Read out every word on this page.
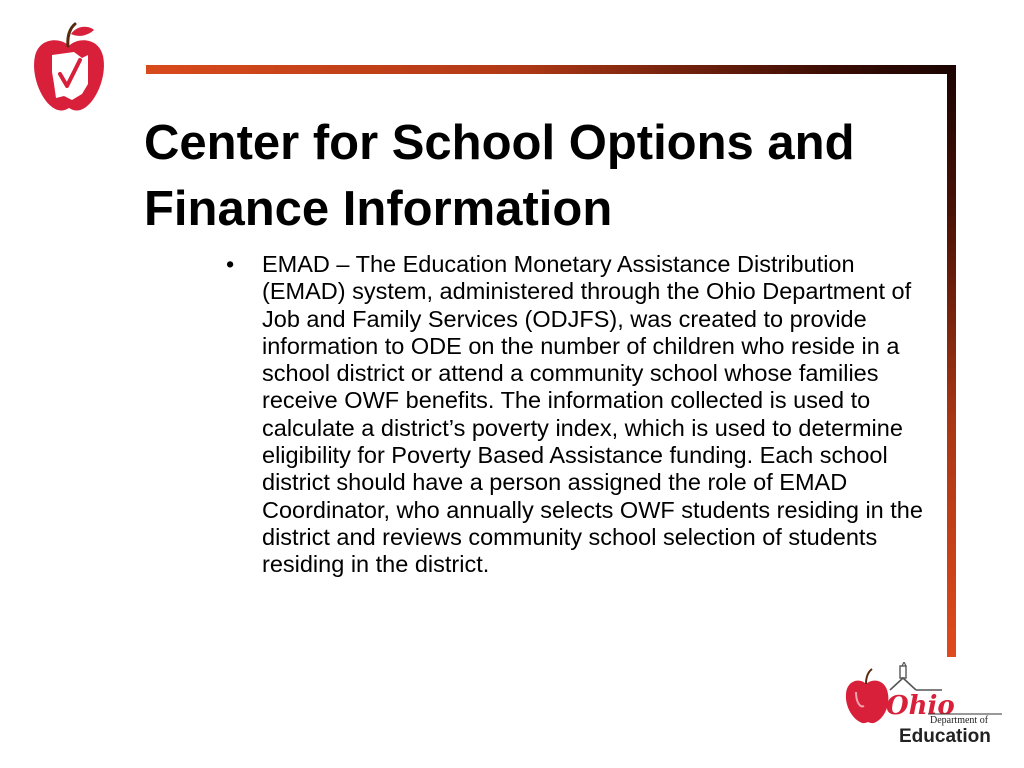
Center for School Options and Finance Information
• EMAD – The Education Monetary Assistance Distribution (EMAD) system, administered through the Ohio Department of Job and Family Services (ODJFS), was created to provide information to ODE on the number of children who reside in a school district or attend a community school whose families receive OWF benefits. The information collected is used to calculate a district’s poverty index, which is used to determine eligibility for Poverty Based Assistance funding. Each school district should have a person assigned the role of EMAD Coordinator, who annually selects OWF students residing in the district and reviews community school selection of students residing in the district.
Ohio
Department of
Education
